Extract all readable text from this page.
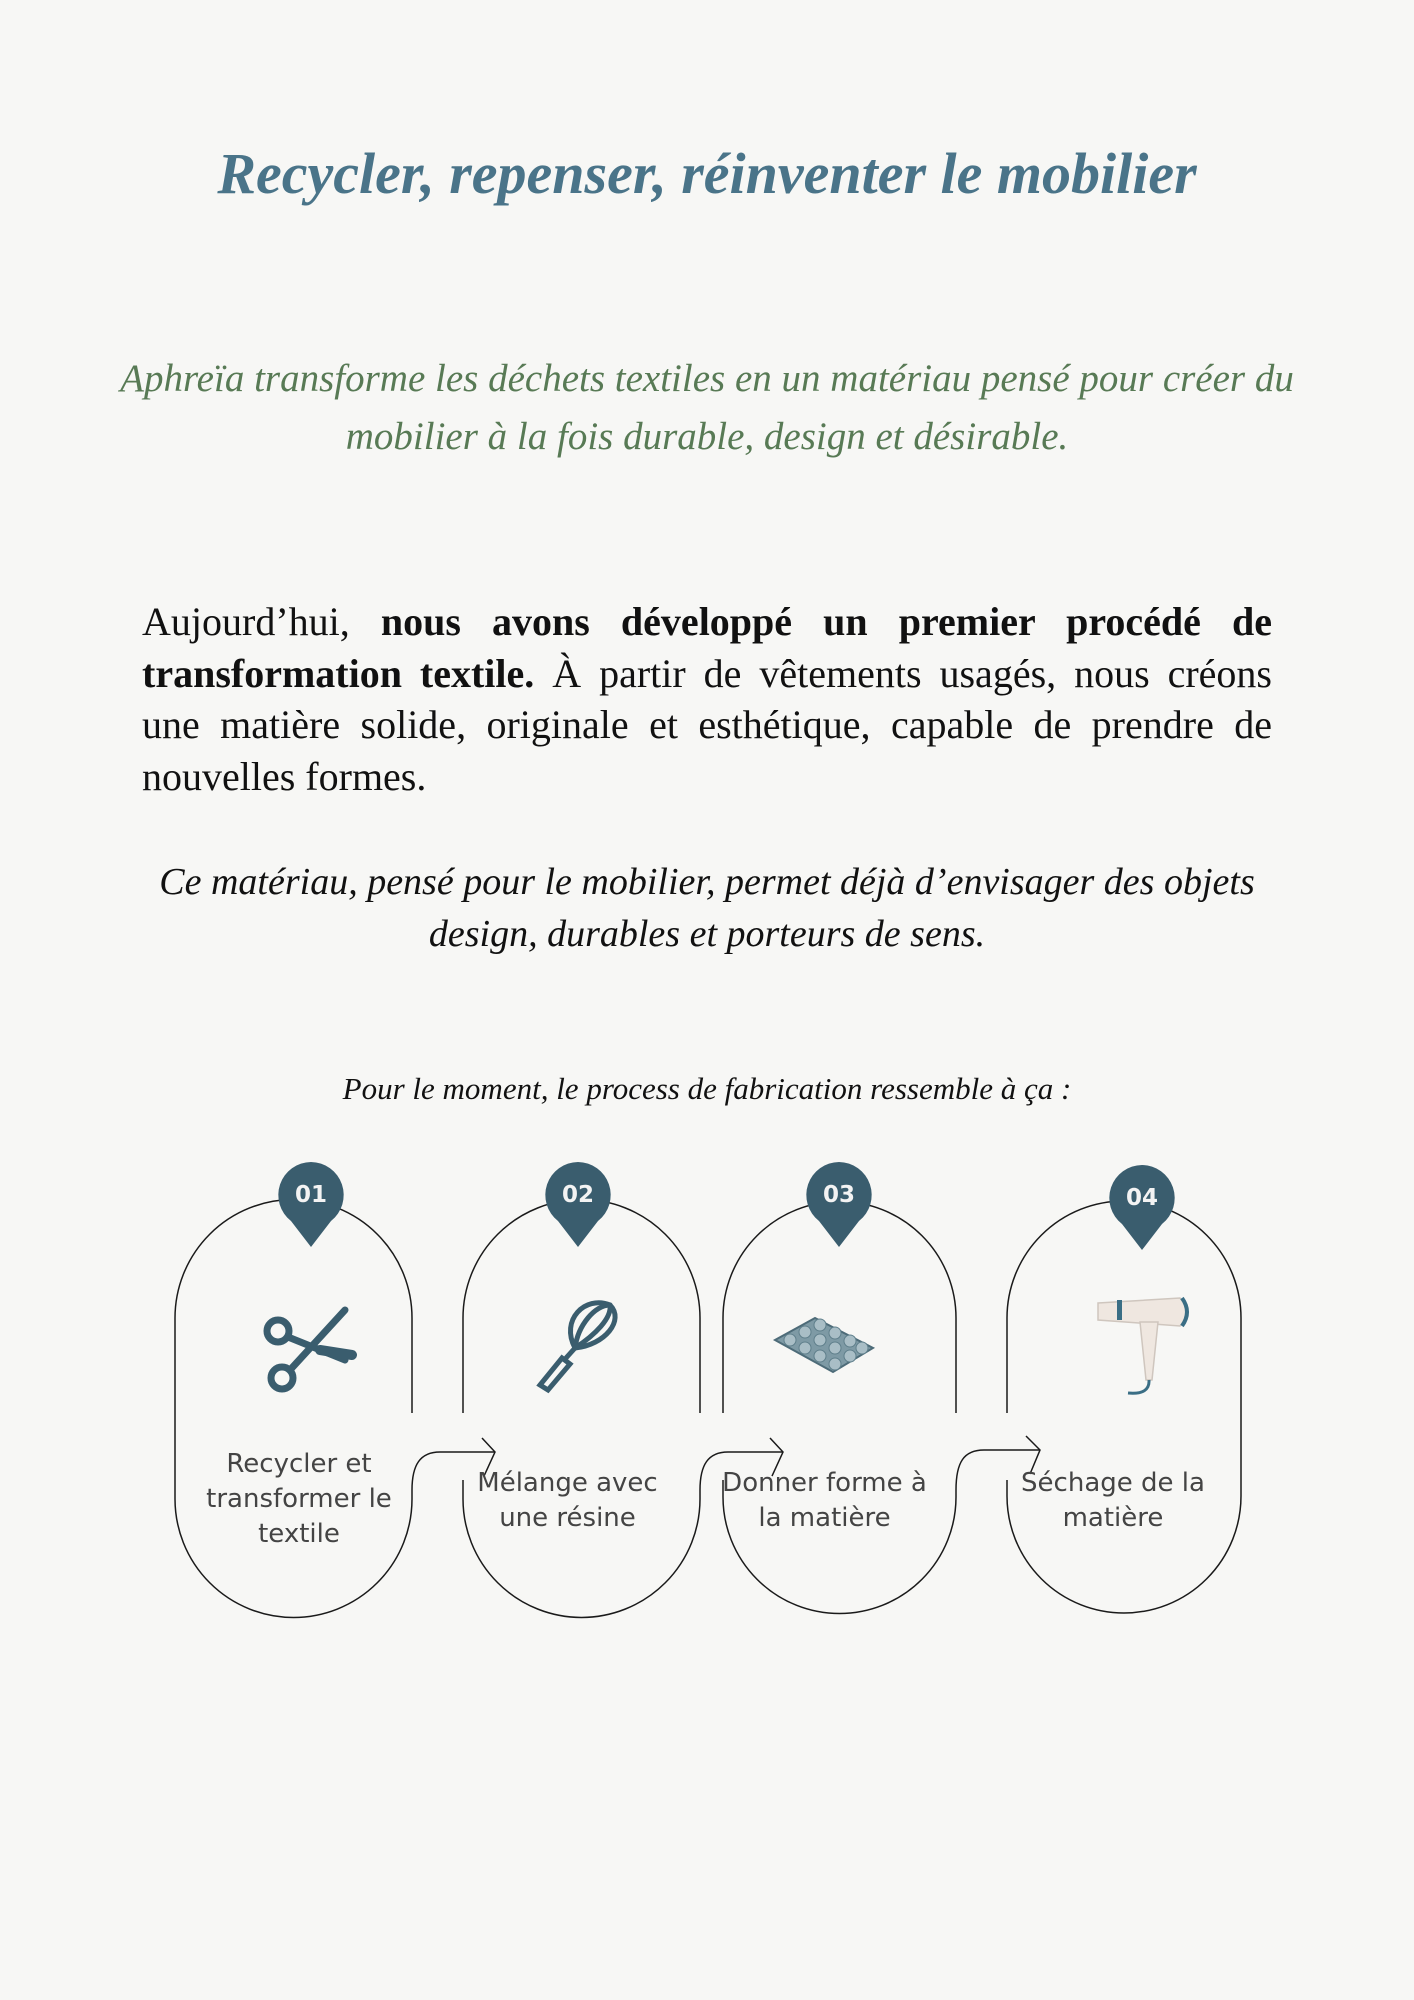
Recycler, repenser, réinventer le mobilier
Aphreïa transforme les déchets textiles en un matériau pensé pour créer du mobilier à la fois durable, design et désirable.
Aujourd’hui, nous avons développé un premier procédé de transformation textile. À partir de vêtements usagés, nous créons une matière solide, originale et esthétique, capable de prendre de nouvelles formes.
Ce matériau, pensé pour le mobilier, permet déjà d’envisager des objets design, durables et porteurs de sens.
Pour le moment, le process de fabrication ressemble à ça :
01	02	03	04
Recycler et transformer le textile
Mélange avec une résine
Donner forme à la matière
Séchage de la matière
